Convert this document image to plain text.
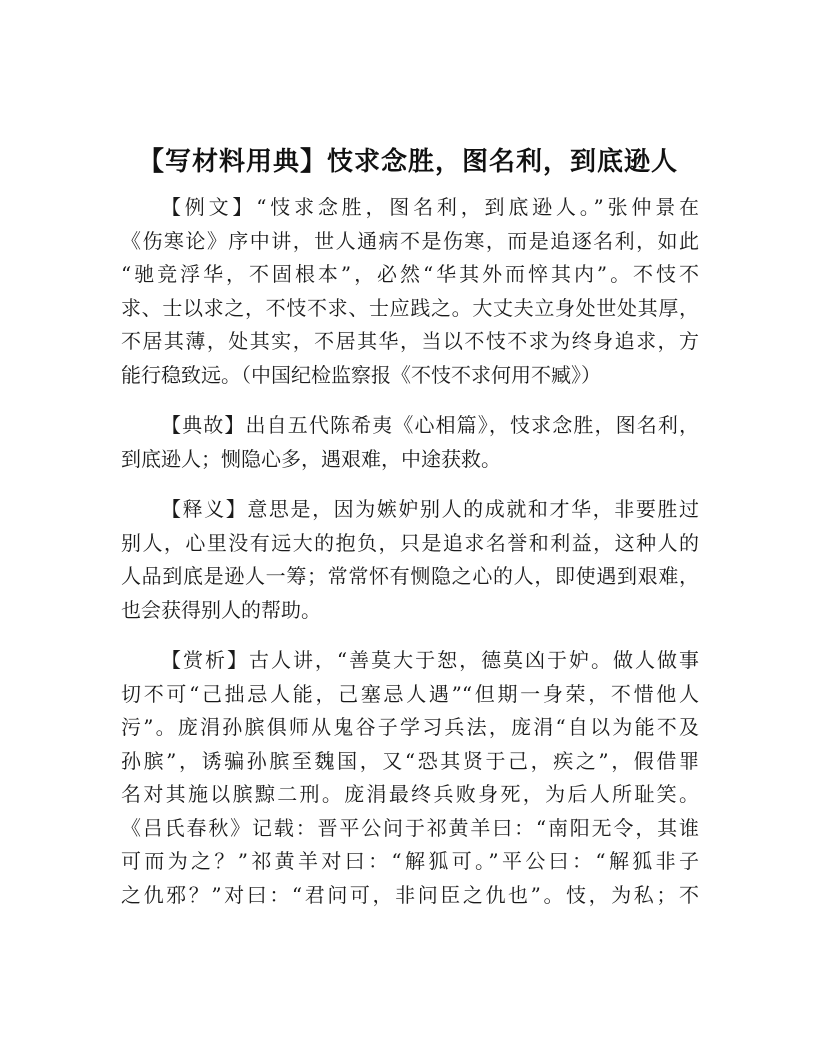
【写材料用典】忮求念胜，图名利，到底逊人
【例文】“忮求念胜，图名利，到底逊人。”张仲景在
《伤寒论》序中讲，世人通病不是伤寒，而是追逐名利，如此
“驰竞浮华，不固根本”，必然“华其外而悴其内”。不忮不
求、士以求之，不忮不求、士应践之。大丈夫立身处世处其厚，
不居其薄，处其实，不居其华，当以不忮不求为终身追求，方
能行稳致远。（中国纪检监察报《不忮不求何用不臧》）
【典故】出自五代陈希夷《心相篇》，忮求念胜，图名利，
到底逊人；恻隐心多，遇艰难，中途获救。
【释义】意思是，因为嫉妒别人的成就和才华，非要胜过
别人，心里没有远大的抱负，只是追求名誉和利益，这种人的
人品到底是逊人一筹；常常怀有恻隐之心的人，即使遇到艰难，
也会获得别人的帮助。
【赏析】古人讲，“善莫大于恕，德莫凶于妒。做人做事
切不可“己拙忌人能，己塞忌人遇”“但期一身荣，不惜他人
污”。庞涓孙膑俱师从鬼谷子学习兵法，庞涓“自以为能不及
孙膑”，诱骗孙膑至魏国，又“恐其贤于己，疾之”，假借罪
名对其施以膑黥二刑。庞涓最终兵败身死，为后人所耻笑。
《吕氏春秋》记载：晋平公问于祁黄羊曰：“南阳无令，其谁
可而为之？”祁黄羊对曰：“解狐可。”平公曰：“解狐非子
之仇邪？”对曰：“君问可，非问臣之仇也”。忮，为私；不
